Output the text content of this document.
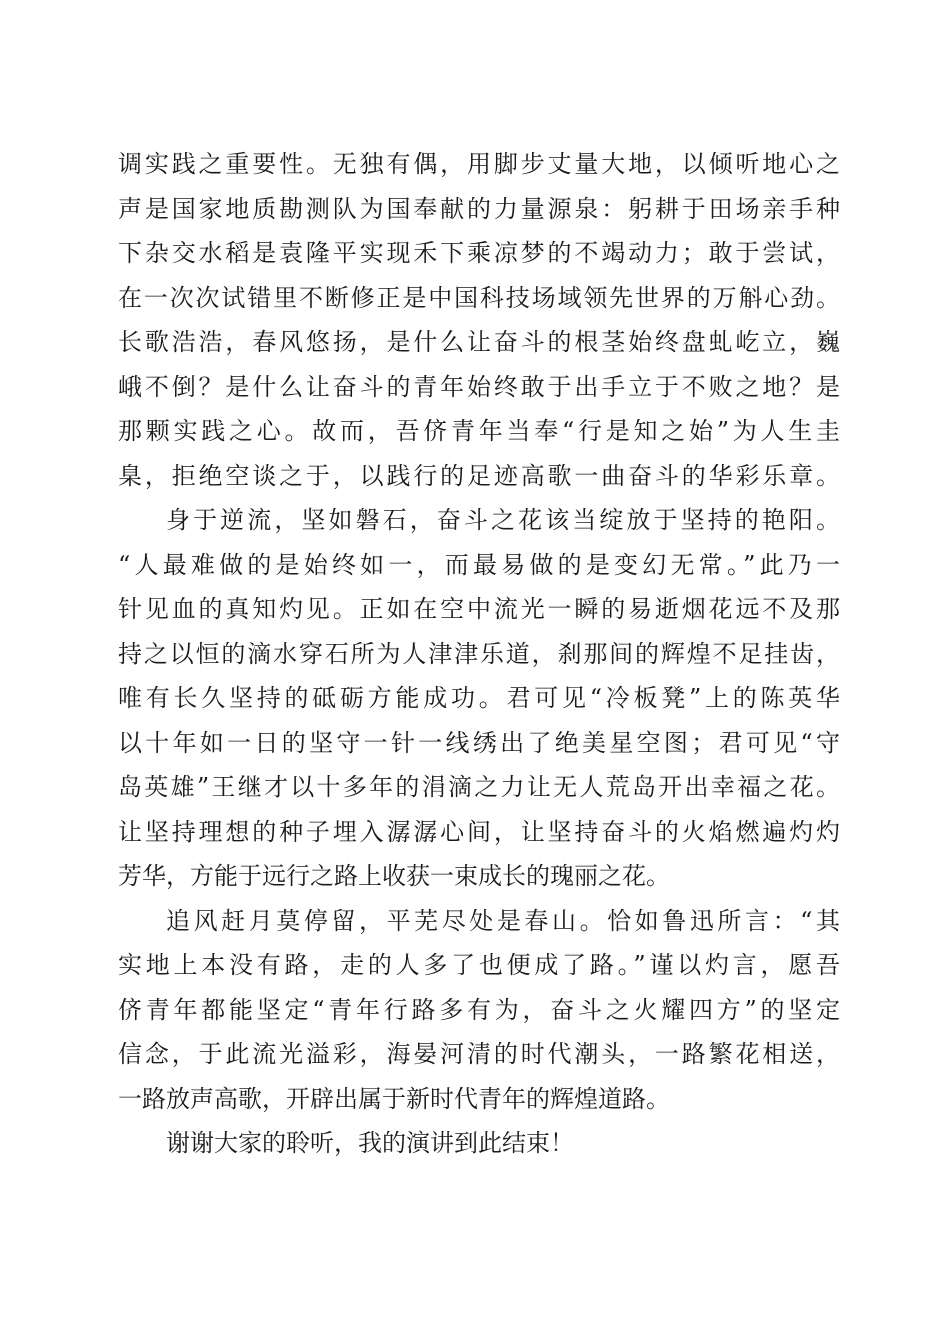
调实践之重要性。无独有偶，用脚步丈量大地，以倾听地心之
声是国家地质勘测队为国奉献的力量源泉：躬耕于田场亲手种
下杂交水稻是袁隆平实现禾下乘凉梦的不竭动力；敢于尝试，
在一次次试错里不断修正是中国科技场域领先世界的万斛心劲。
长歌浩浩，春风悠扬，是什么让奋斗的根茎始终盘虬屹立，巍
峨不倒？是什么让奋斗的青年始终敢于出手立于不败之地？是
那颗实践之心。故而，吾侪青年当奉“行是知之始”为人生圭
臬，拒绝空谈之于，以践行的足迹高歌一曲奋斗的华彩乐章。
身于逆流，坚如磐石，奋斗之花该当绽放于坚持的艳阳。
“人最难做的是始终如一，而最易做的是变幻无常。”此乃一
针见血的真知灼见。正如在空中流光一瞬的易逝烟花远不及那
持之以恒的滴水穿石所为人津津乐道，刹那间的辉煌不足挂齿，
唯有长久坚持的砥砺方能成功。君可见“冷板凳”上的陈英华
以十年如一日的坚守一针一线绣出了绝美星空图；君可见“守
岛英雄”王继才以十多年的涓滴之力让无人荒岛开出幸福之花。
让坚持理想的种子埋入潺潺心间，让坚持奋斗的火焰燃遍灼灼
芳华，方能于远行之路上收获一束成长的瑰丽之花。
追风赶月莫停留，平芜尽处是春山。恰如鲁迅所言：“其
实地上本没有路，走的人多了也便成了路。”谨以灼言，愿吾
侪青年都能坚定“青年行路多有为，奋斗之火耀四方”的坚定
信念，于此流光溢彩，海晏河清的时代潮头，一路繁花相送，
一路放声高歌，开辟出属于新时代青年的辉煌道路。
谢谢大家的聆听，我的演讲到此结束！
